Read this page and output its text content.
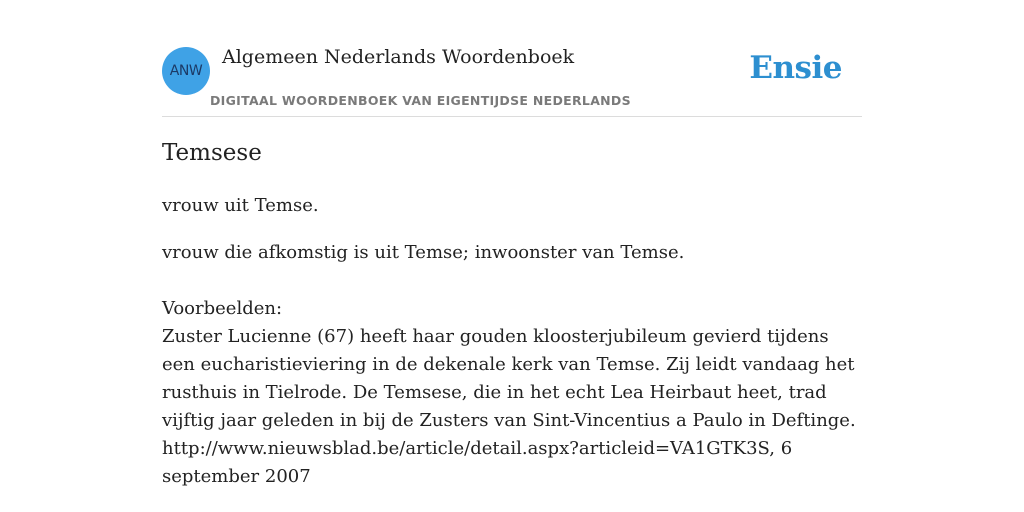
ANW
Algemeen Nederlands Woordenboek
DIGITAAL WOORDENBOEK VAN EIGENTIJDSE NEDERLANDS
Ensie
Temsese

vrouw uit Temse.

vrouw die afkomstig is uit Temse; inwoonster van Temse.

Voorbeelden:

Zuster Lucienne (67) heeft haar gouden kloosterjubileum gevierd tijdens een eucharistieviering in de dekenale kerk van Temse. Zij leidt vandaag het rusthuis in Tielrode. De Temsese, die in het echt Lea Heirbaut heet, trad vijftig jaar geleden in bij de Zusters van Sint-Vincentius a Paulo in Deftinge. http://www.nieuwsblad.be/article/detail.aspx?articleid=VA1GTK3S, 6 september 2007
